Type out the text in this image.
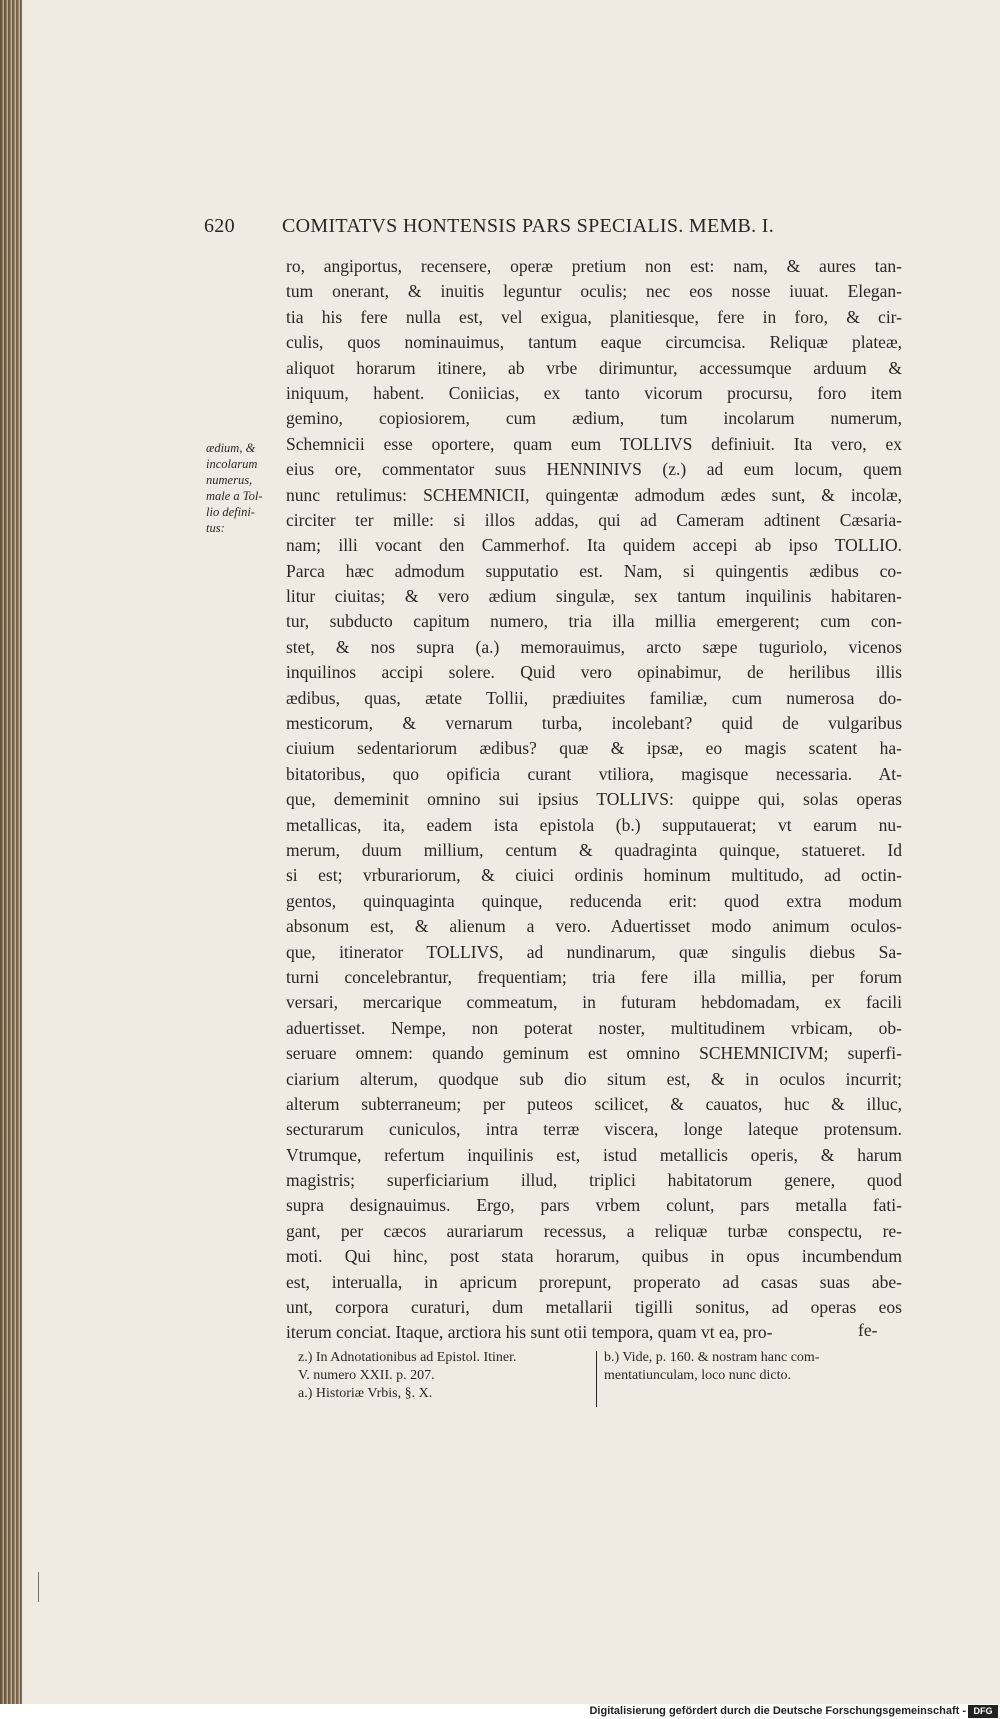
620	COMITATVS HONTENSIS PARS SPECIALIS. MEMB. I.
ædium, &
incolarum
numerus,
male a Tol-
lio defini-
tus:
ro, angiportus, recensere, operæ pretium non est: nam, & aures tan-
tum onerant, & inuitis leguntur oculis; nec eos nosse iuuat. Elegan-
tia his fere nulla est, vel exigua, planitiesque, fere in foro, & cir-
culis, quos nominauimus, tantum eaque circumcisa. Reliquæ plateæ,
aliquot horarum itinere, ab vrbe dirimuntur, accessumque arduum &
iniquum, habent. Coniicias, ex tanto vicorum procursu, foro item
gemino, copiosiorem, cum ædium, tum incolarum numerum,
Schemnicii esse oportere, quam eum TOLLIVS definiuit. Ita vero, ex
eius ore, commentator suus HENNINIVS (z.) ad eum locum, quem
nunc retulimus: SCHEMNICII, quingentæ admodum ædes sunt, & incolæ,
circiter ter mille: si illos addas, qui ad Cameram adtinent Cæsaria-
nam; illi vocant den Cammerhof. Ita quidem accepi ab ipso TOLLIO.
Parca hæc admodum supputatio est. Nam, si quingentis ædibus co-
litur ciuitas; & vero ædium singulæ, sex tantum inquilinis habitaren-
tur, subducto capitum numero, tria illa millia emergerent; cum con-
stet, & nos supra (a.) memorauimus, arcto sæpe tuguriolo, vicenos
inquilinos accipi solere. Quid vero opinabimur, de herilibus illis
ædibus, quas, ætate Tollii, prædiuites familiæ, cum numerosa do-
mesticorum, & vernarum turba, incolebant? quid de vulgaribus
ciuium sedentariorum ædibus? quæ & ipsæ, eo magis scatent ha-
bitatoribus, quo opificia curant vtiliora, magisque necessaria. At-
que, dememinit omnino sui ipsius TOLLIVS: quippe qui, solas operas
metallicas, ita, eadem ista epistola (b.) supputauerat; vt earum nu-
merum, duum millium, centum & quadraginta quinque, statueret. Id
si est; vrburariorum, & ciuici ordinis hominum multitudo, ad octin-
gentos, quinquaginta quinque, reducenda erit: quod extra modum
absonum est, & alienum a vero. Aduertisset modo animum oculos-
que, itinerator TOLLIVS, ad nundinarum, quæ singulis diebus Sa-
turni concelebrantur, frequentiam; tria fere illa millia, per forum
versari, mercarique commeatum, in futuram hebdomadam, ex facili
aduertisset. Nempe, non poterat noster, multitudinem vrbicam, ob-
seruare omnem: quando geminum est omnino SCHEMNICIVM; superfi-
ciarium alterum, quodque sub dio situm est, & in oculos incurrit;
alterum subterraneum; per puteos scilicet, & cauatos, huc & illuc,
secturarum cuniculos, intra terræ viscera, longe lateque protensum.
Vtrumque, refertum inquilinis est, istud metallicis operis, & harum
magistris; superficiarium illud, triplici habitatorum genere, quod
supra designauimus. Ergo, pars vrbem colunt, pars metalla fati-
gant, per cæcos aurariarum recessus, a reliquæ turbæ conspectu, re-
moti. Qui hinc, post stata horarum, quibus in opus incumbendum
est, interualla, in apricum prorepunt, properato ad casas suas abe-
unt, corpora curaturi, dum metallarii tigilli sonitus, ad operas eos
iterum conciat. Itaque, arctiora his sunt otii tempora, quam vt ea, pro-	fe-
z.) In Adnotationibus ad Epistol. Itiner.
V. numero XXII. p. 207.
a.) Historiæ Vrbis, §. X.
b.) Vide, p. 160. & nostram hanc com-
mentatiunculam, loco nunc dicto.
Digitalisierung gefördert durch die Deutsche Forschungsgemeinschaft - DFG
